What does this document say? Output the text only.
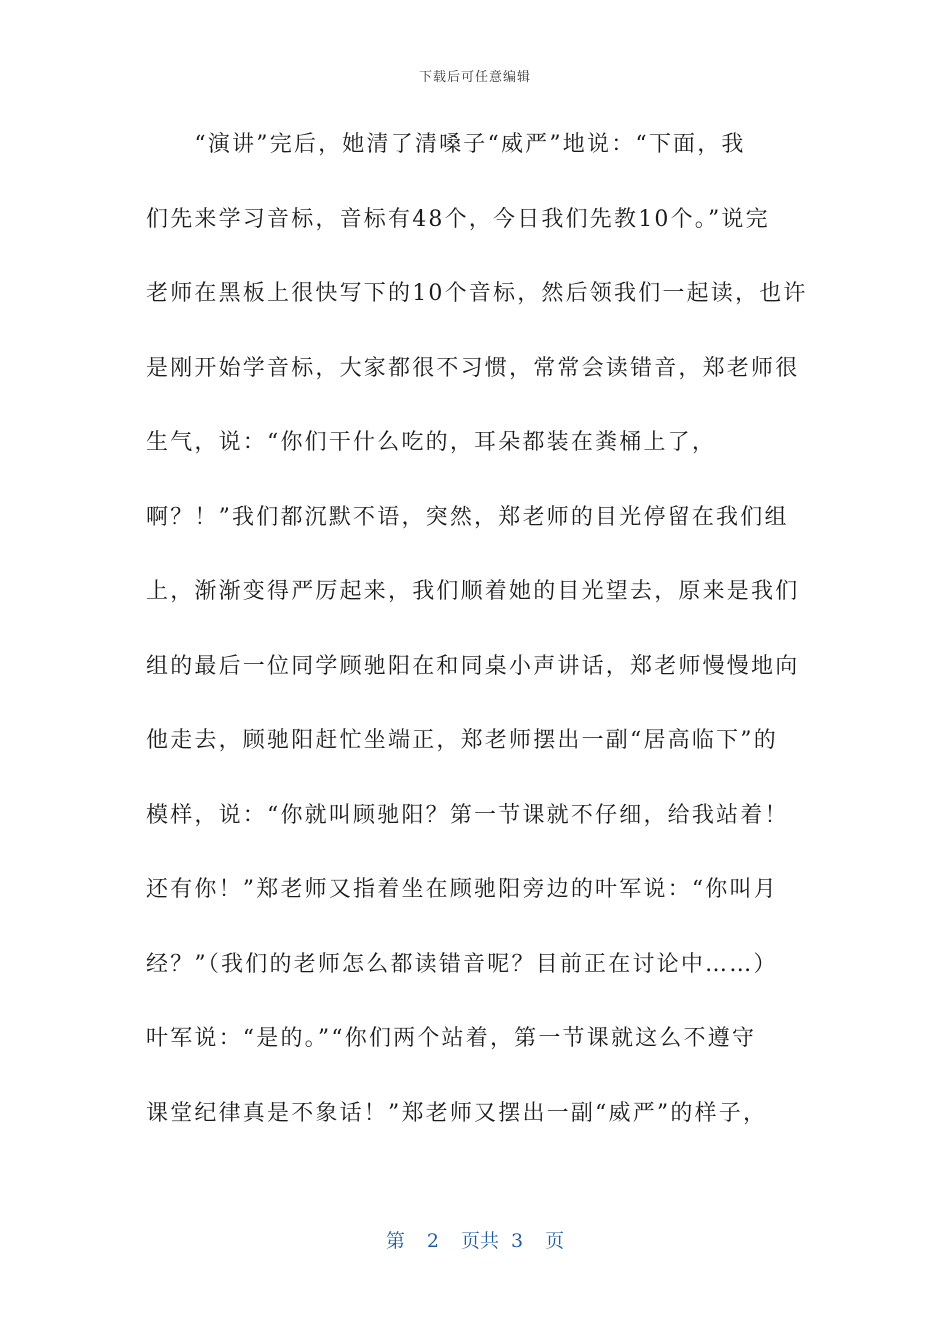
下载后可任意编辑
　　“演讲”完后，她清了清嗓子“威严”地说：“下面，我
们先来学习音标，音标有48个，今日我们先教10个。”说完
老师在黑板上很快写下的10个音标，然后领我们一起读，也许
是刚开始学音标，大家都很不习惯，常常会读错音，郑老师很
生气，说：“你们干什么吃的，耳朵都装在粪桶上了，
啊？！”我们都沉默不语，突然，郑老师的目光停留在我们组
上，渐渐变得严厉起来，我们顺着她的目光望去，原来是我们
组的最后一位同学顾驰阳在和同桌小声讲话，郑老师慢慢地向
他走去，顾驰阳赶忙坐端正，郑老师摆出一副“居高临下”的
模样，说：“你就叫顾驰阳？第一节课就不仔细，给我站着！
还有你！”郑老师又指着坐在顾驰阳旁边的叶军说：“你叫月
经？”（我们的老师怎么都读错音呢？目前正在讨论中……）
叶军说：“是的。”“你们两个站着，第一节课就这么不遵守
课堂纪律真是不象话！”郑老师又摆出一副“威严”的样子，
第 2 页共 3 页
